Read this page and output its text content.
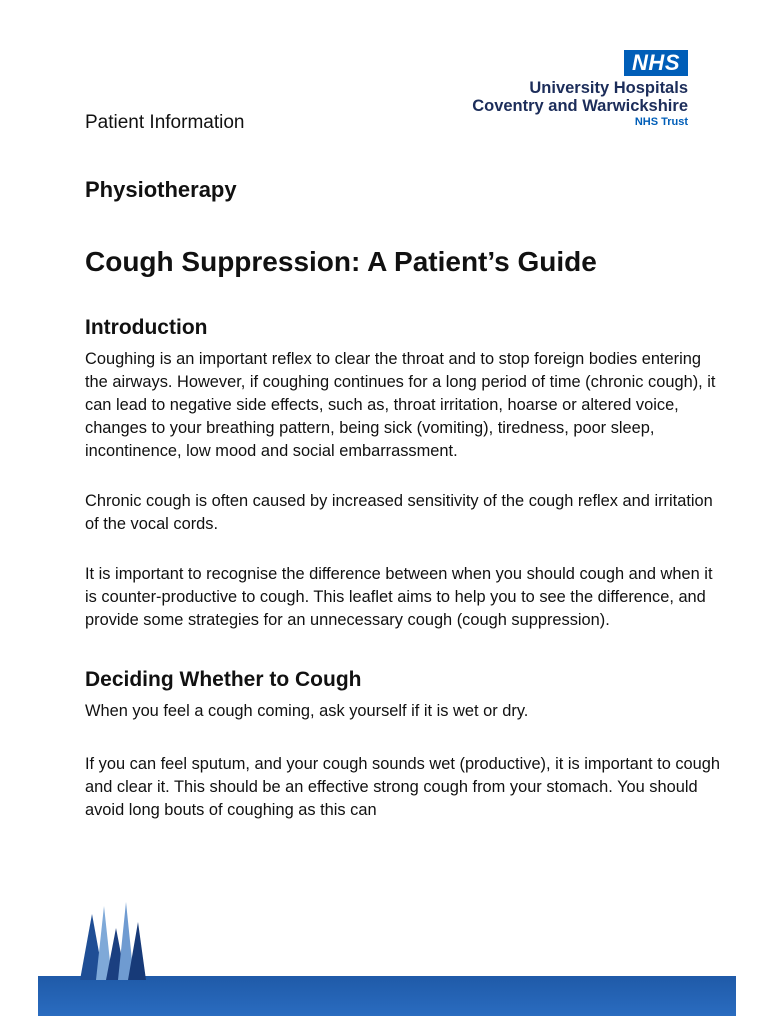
NHS
University Hospitals
Coventry and Warwickshire
NHS Trust

Patient Information

Physiotherapy
Cough Suppression: A Patient’s Guide
Introduction

Coughing is an important reflex to clear the throat and to stop foreign bodies entering the airways. However, if coughing continues for a long period of time (chronic cough), it can lead to negative side effects, such as, throat irritation, hoarse or altered voice, changes to your breathing pattern, being sick (vomiting), tiredness, poor sleep, incontinence, low mood and social embarrassment.

Chronic cough is often caused by increased sensitivity of the cough reflex and irritation of the vocal cords.

It is important to recognise the difference between when you should cough and when it is counter-productive to cough. This leaflet aims to help you to see the difference, and provide some strategies for an unnecessary cough (cough suppression).

Deciding Whether to Cough

When you feel a cough coming, ask yourself if it is wet or dry.

If you can feel sputum, and your cough sounds wet (productive), it is important to cough and clear it. This should be an effective strong cough from your stomach. You should avoid long bouts of coughing as this can
